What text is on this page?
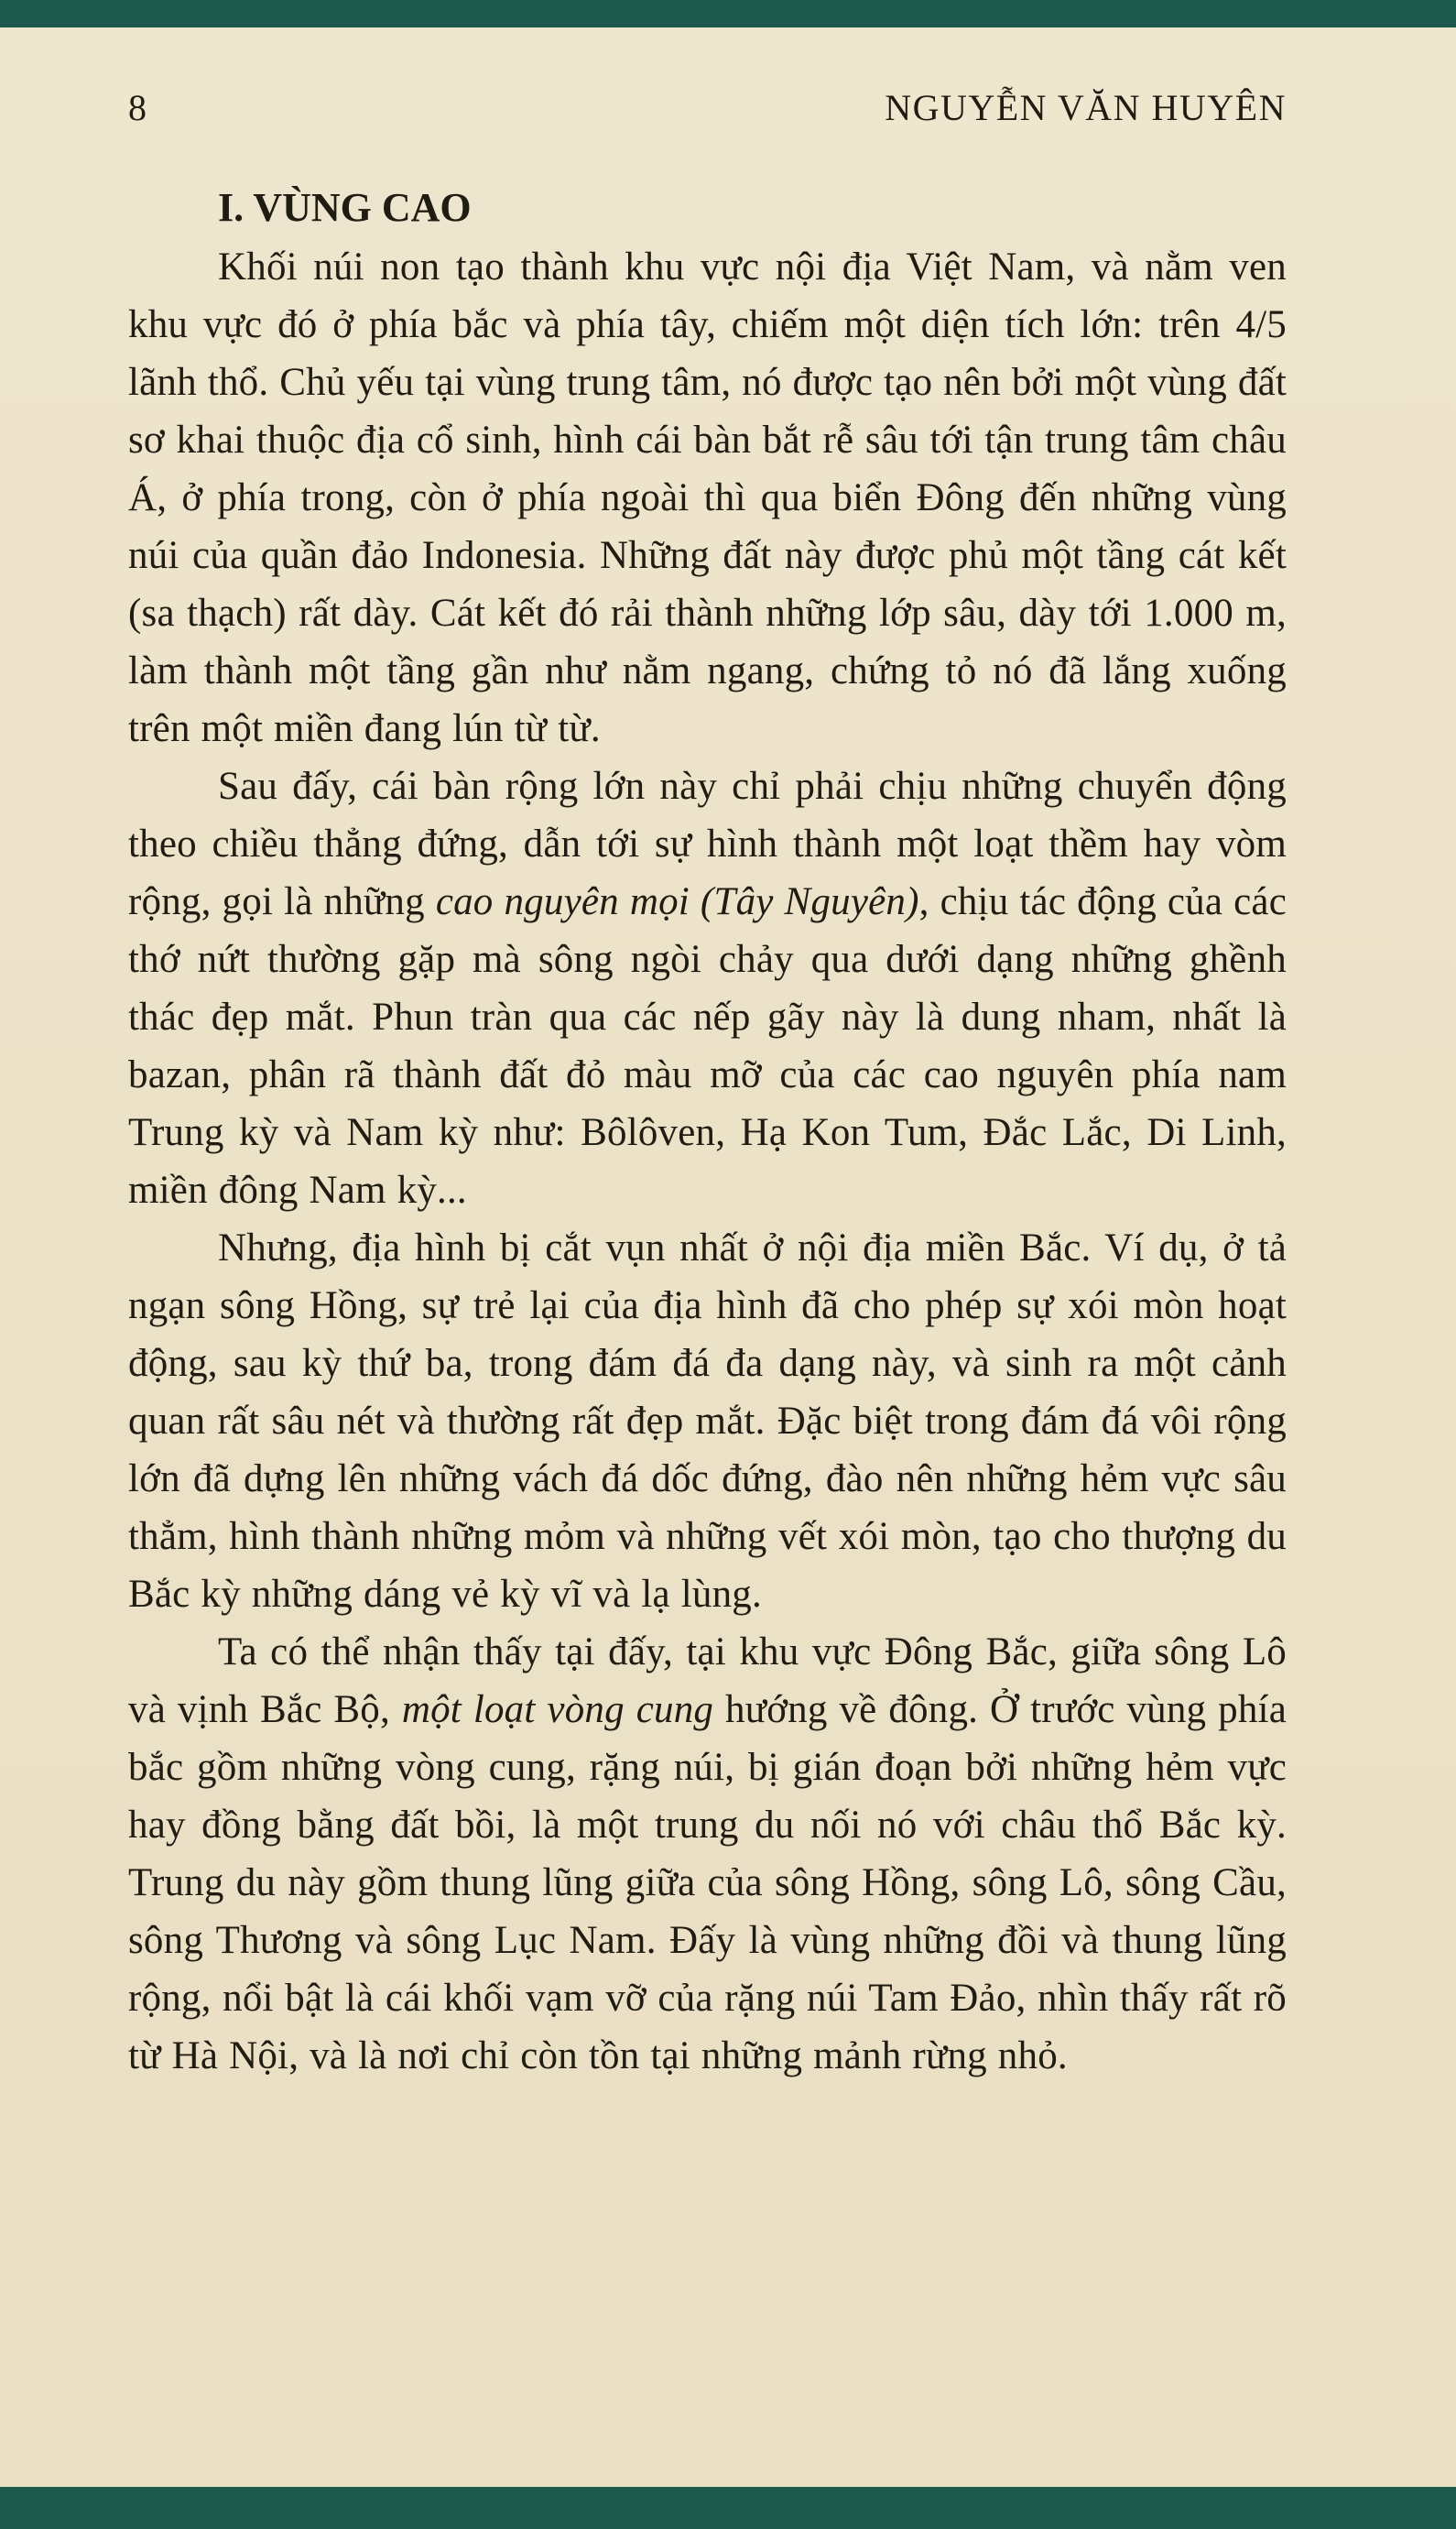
8	NGUYỄN VĂN HUYÊN
I. VÙNG CAO

Khối núi non tạo thành khu vực nội địa Việt Nam, và nằm ven khu vực đó ở phía bắc và phía tây, chiếm một diện tích lớn: trên 4/5 lãnh thổ. Chủ yếu tại vùng trung tâm, nó được tạo nên bởi một vùng đất sơ khai thuộc địa cổ sinh, hình cái bàn bắt rễ sâu tới tận trung tâm châu Á, ở phía trong, còn ở phía ngoài thì qua biển Đông đến những vùng núi của quần đảo Indonesia. Những đất này được phủ một tầng cát kết (sa thạch) rất dày. Cát kết đó rải thành những lớp sâu, dày tới 1.000 m, làm thành một tầng gần như nằm ngang, chứng tỏ nó đã lắng xuống trên một miền đang lún từ từ.

Sau đấy, cái bàn rộng lớn này chỉ phải chịu những chuyển động theo chiều thẳng đứng, dẫn tới sự hình thành một loạt thềm hay vòm rộng, gọi là những cao nguyên mọi (Tây Nguyên), chịu tác động của các thớ nứt thường gặp mà sông ngòi chảy qua dưới dạng những ghềnh thác đẹp mắt. Phun tràn qua các nếp gãy này là dung nham, nhất là bazan, phân rã thành đất đỏ màu mỡ của các cao nguyên phía nam Trung kỳ và Nam kỳ như: Bôlôven, Hạ Kon Tum, Đắc Lắc, Di Linh, miền đông Nam kỳ...

Nhưng, địa hình bị cắt vụn nhất ở nội địa miền Bắc. Ví dụ, ở tả ngạn sông Hồng, sự trẻ lại của địa hình đã cho phép sự xói mòn hoạt động, sau kỳ thứ ba, trong đám đá đa dạng này, và sinh ra một cảnh quan rất sâu nét và thường rất đẹp mắt. Đặc biệt trong đám đá vôi rộng lớn đã dựng lên những vách đá dốc đứng, đào nên những hẻm vực sâu thẳm, hình thành những mỏm và những vết xói mòn, tạo cho thượng du Bắc kỳ những dáng vẻ kỳ vĩ và lạ lùng.

Ta có thể nhận thấy tại đấy, tại khu vực Đông Bắc, giữa sông Lô và vịnh Bắc Bộ, một loạt vòng cung hướng về đông. Ở trước vùng phía bắc gồm những vòng cung, rặng núi, bị gián đoạn bởi những hẻm vực hay đồng bằng đất bồi, là một trung du nối nó với châu thổ Bắc kỳ. Trung du này gồm thung lũng giữa của sông Hồng, sông Lô, sông Cầu, sông Thương và sông Lục Nam. Đấy là vùng những đồi và thung lũng rộng, nổi bật là cái khối vạm vỡ của rặng núi Tam Đảo, nhìn thấy rất rõ từ Hà Nội, và là nơi chỉ còn tồn tại những mảnh rừng nhỏ.
